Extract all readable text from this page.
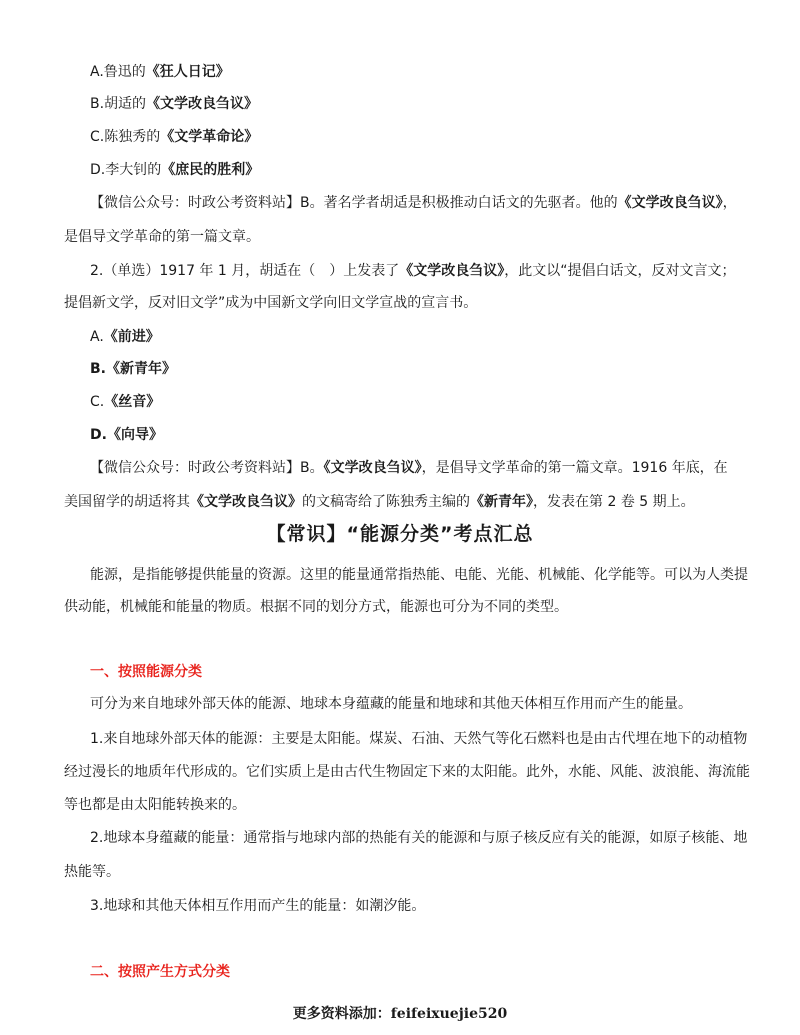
A.鲁迅的《狂人日记》
B.胡适的《文学改良刍议》
C.陈独秀的《文学革命论》
D.李大钊的《庶民的胜利》
【微信公众号：时政公考资料站】B。著名学者胡适是积极推动白话文的先驱者。他的《文学改良刍议》，
是倡导文学革命的第一篇文章。
2.（单选）1917 年 1 月，胡适在（　）上发表了《文学改良刍议》，此文以“提倡白话文，反对文言文；
提倡新文学，反对旧文学”成为中国新文学向旧文学宣战的宣言书。
A.《前进》
B.《新青年》
C.《丝音》
D.《向导》
【微信公众号：时政公考资料站】B。《文学改良刍议》，是倡导文学革命的第一篇文章。1916 年底，在
美国留学的胡适将其《文学改良刍议》的文稿寄给了陈独秀主编的《新青年》，发表在第 2 卷 5 期上。
【常识】“能源分类”考点汇总
能源，是指能够提供能量的资源。这里的能量通常指热能、电能、光能、机械能、化学能等。可以为人类提
供动能，机械能和能量的物质。根据不同的划分方式，能源也可分为不同的类型。
一、按照能源分类
可分为来自地球外部天体的能源、地球本身蕴藏的能量和地球和其他天体相互作用而产生的能量。
1.来自地球外部天体的能源：主要是太阳能。煤炭、石油、天然气等化石燃料也是由古代埋在地下的动植物
经过漫长的地质年代形成的。它们实质上是由古代生物固定下来的太阳能。此外，水能、风能、波浪能、海流能
等也都是由太阳能转换来的。
2.地球本身蕴藏的能量：通常指与地球内部的热能有关的能源和与原子核反应有关的能源，如原子核能、地
热能等。
3.地球和其他天体相互作用而产生的能量：如潮汐能。
二、按照产生方式分类
更多资料添加：feifeixuejie520
